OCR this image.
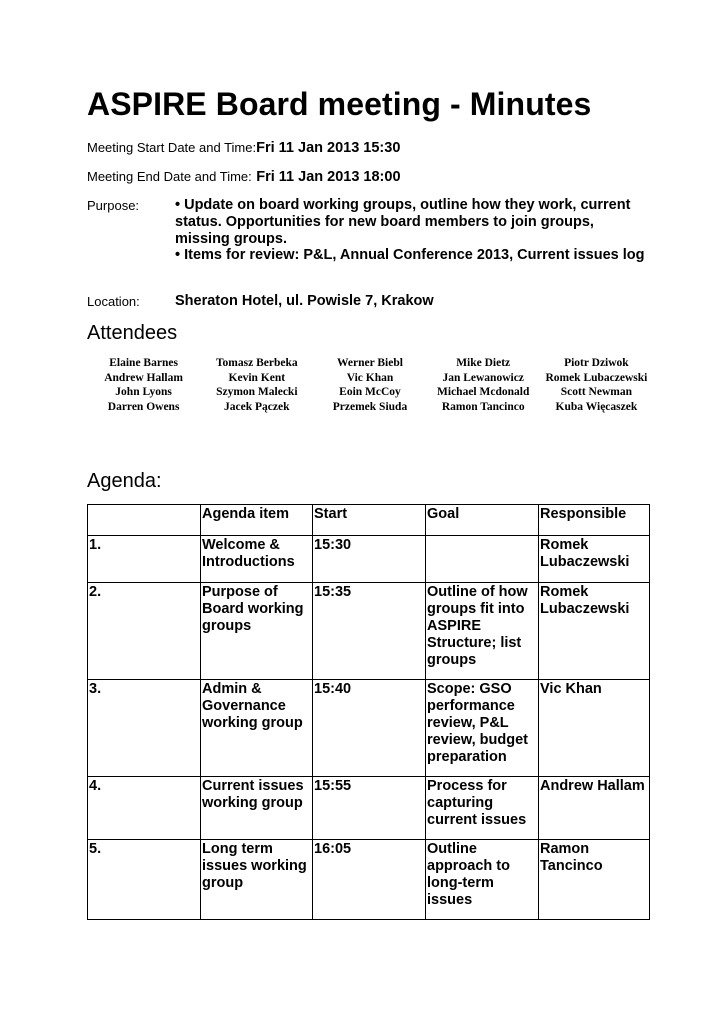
ASPIRE Board meeting - Minutes
Meeting Start Date and Time:Fri 11 Jan 2013 15:30
Meeting End Date and Time: Fri 11 Jan 2013 18:00
Purpose: • Update on board working groups, outline how they work, current status. Opportunities for new board members to join groups, missing groups.
• Items for review: P&L, Annual Conference 2013, Current issues log
Location: Sheraton Hotel, ul. Powisle 7, Krakow
Attendees
Elaine Barnes	Tomasz Berbeka	Werner Biebl	Mike Dietz	Piotr Dziwok
Andrew Hallam	Kevin Kent	Vic Khan	Jan Lewanowicz	Romek Lubaczewski
John Lyons	Szymon Malecki	Eoin McCoy	Michael Mcdonald	Scott Newman
Darren Owens	Jacek Pączek	Przemek Siuda	Ramon Tancinco	Kuba Więcaszek
Agenda:
	Agenda item	Start	Goal	Responsible
1.	Welcome & Introductions	15:30		Romek Lubaczewski
2.	Purpose of Board working groups	15:35	Outline of how groups fit into ASPIRE Structure; list groups	Romek Lubaczewski
3.	Admin & Governance working group	15:40	Scope: GSO performance review, P&L review, budget preparation	Vic Khan
4.	Current issues working group	15:55	Process for capturing current issues	Andrew Hallam
5.	Long term issues working group	16:05	Outline approach to long-term issues	Ramon Tancinco
